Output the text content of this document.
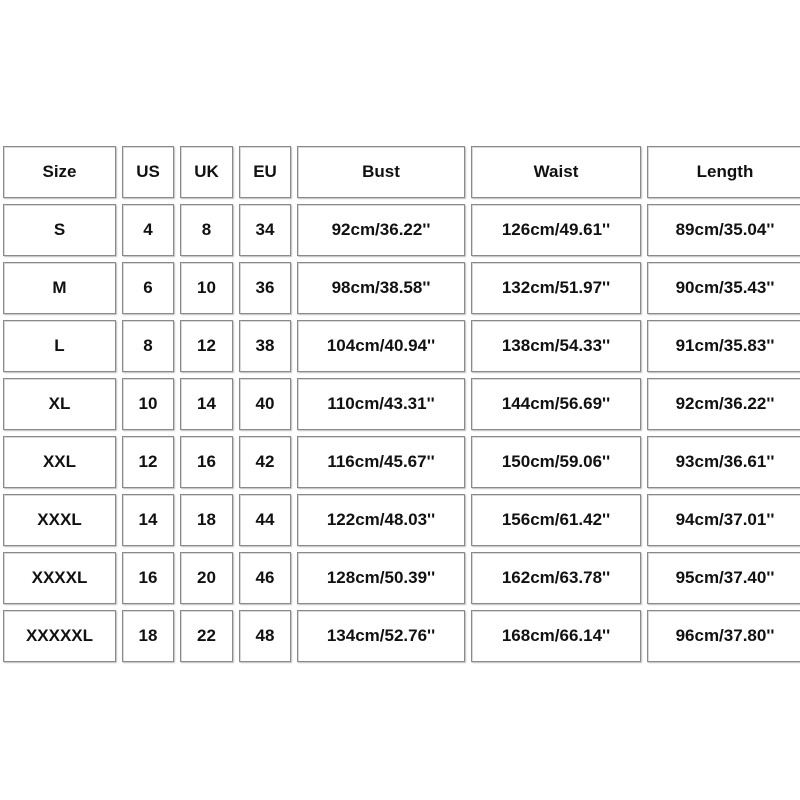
Size	US	UK	EU	Bust	Waist	Length
S	4	8	34	92cm/36.22''	126cm/49.61''	89cm/35.04''
M	6	10	36	98cm/38.58''	132cm/51.97''	90cm/35.43''
L	8	12	38	104cm/40.94''	138cm/54.33''	91cm/35.83''
XL	10	14	40	110cm/43.31''	144cm/56.69''	92cm/36.22''
XXL	12	16	42	116cm/45.67''	150cm/59.06''	93cm/36.61''
XXXL	14	18	44	122cm/48.03''	156cm/61.42''	94cm/37.01''
XXXXL	16	20	46	128cm/50.39''	162cm/63.78''	95cm/37.40''
XXXXXL	18	22	48	134cm/52.76''	168cm/66.14''	96cm/37.80''
